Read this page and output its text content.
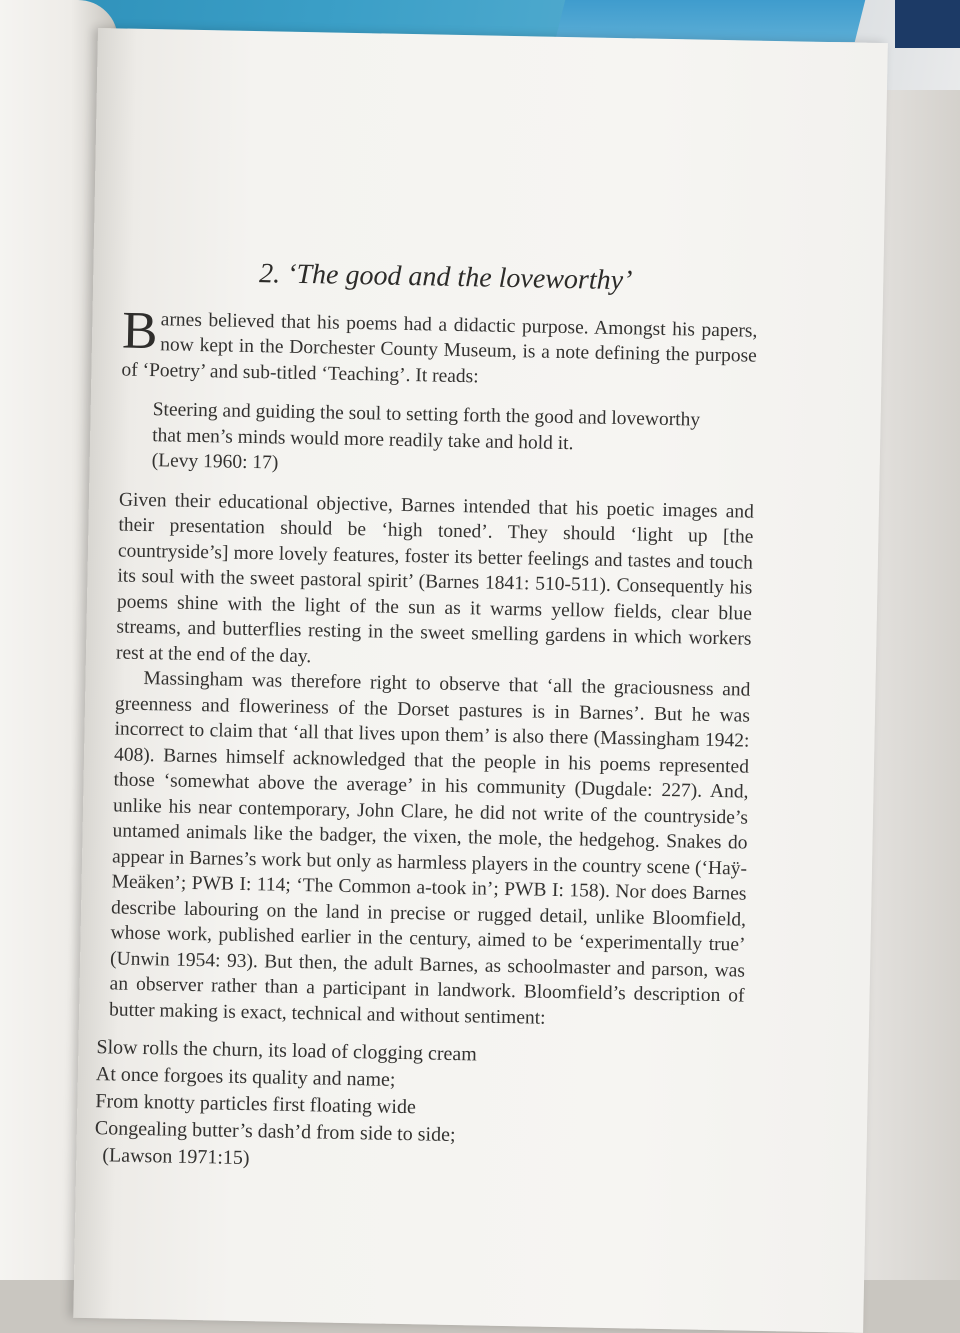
2. ‘The good and the loveworthy’

Barnes believed that his poems had a didactic purpose. Amongst his papers, now kept in the Dorchester County Museum, is a note defining the purpose of ‘Poetry’ and sub-titled ‘Teaching’. It reads:

Steering and guiding the soul to setting forth the good and loveworthy that men’s minds would more readily take and hold it.
(Levy 1960: 17)

Given their educational objective, Barnes intended that his poetic images and their presentation should be ‘high toned’. They should ‘light up [the countryside’s] more lovely features, foster its better feelings and tastes and touch its soul with the sweet pastoral spirit’ (Barnes 1841: 510-511). Consequently his poems shine with the light of the sun as it warms yellow fields, clear blue streams, and butterflies resting in the sweet smelling gardens in which workers rest at the end of the day.

Massingham was therefore right to observe that ‘all the graciousness and greenness and floweriness of the Dorset pastures is in Barnes’. But he was incorrect to claim that ‘all that lives upon them’ is also there (Massingham 1942: 408). Barnes himself acknowledged that the people in his poems represented those ‘somewhat above the average’ in his community (Dugdale: 227). And, unlike his near contemporary, John Clare, he did not write of the countryside’s untamed animals like the badger, the vixen, the mole, the hedgehog. Snakes do appear in Barnes’s work but only as harmless players in the country scene (‘Haÿ-Meäken’; PWB I: 114; ‘The Common a-took in’; PWB I: 158). Nor does Barnes describe labouring on the land in precise or rugged detail, unlike Bloomfield, whose work, published earlier in the century, aimed to be ‘experimentally true’ (Unwin 1954: 93). But then, the adult Barnes, as schoolmaster and parson, was an observer rather than a participant in landwork. Bloomfield’s description of butter making is exact, technical and without sentiment:

Slow rolls the churn, its load of clogging cream
At once forgoes its quality and name;
From knotty particles first floating wide
Congealing butter’s dash’d from side to side;
(Lawson 1971:15)
